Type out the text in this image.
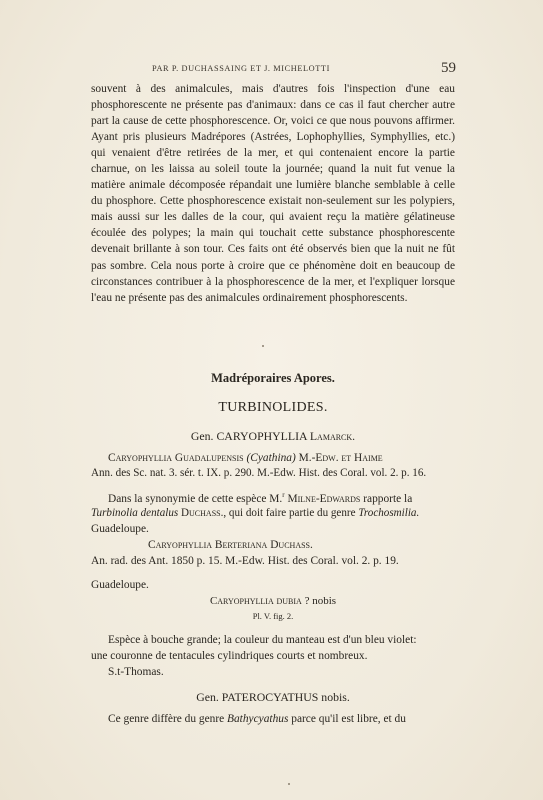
PAR P. DUCHASSAING ET J. MICHELOTTI	59

souvent à des animalcules, mais d'autres fois l'inspection d'une eau phosphorescente ne présente pas d'animaux: dans ce cas il faut chercher autre part la cause de cette phosphorescence. Or, voici ce que nous pouvons affirmer. Ayant pris plusieurs Madrépores (Astrées, Lophophyllies, Symphyllies, etc.) qui venaient d'être retirées de la mer, et qui contenaient encore la partie charnue, on les laissa au soleil toute la journée; quand la nuit fut venue la matière animale décomposée répandait une lumière blanche semblable à celle du phosphore. Cette phosphorescence existait non-seulement sur les polypiers, mais aussi sur les dalles de la cour, qui avaient reçu la matière gélatineuse écoulée des polypes; la main qui touchait cette substance phosphorescente devenait brillante à son tour. Ces faits ont été observés bien que la nuit ne fût pas sombre. Cela nous porte à croire que ce phénomène doit en beaucoup de circonstances contribuer à la phosphorescence de la mer, et l'expliquer lorsque l'eau ne présente pas des animalcules ordinairement phosphorescents.

Madréporaires Apores.
TURBINOLIDES.
Gen. CARYOPHYLLIA Lamarck.
Caryophyllia Guadalupensis (Cyathina) M.-Edw. et Haime
Ann. des Sc. nat. 3. sér. t. IX. p. 290. M.-Edw. Hist. des Coral. vol. 2. p. 16.
Dans la synonymie de cette espèce M.$^r$ Milne-Edwards rapporte la
Turbinolia dentalus Duchass., qui doit faire partie du genre Trochosmilia.
Guadeloupe.
Caryophyllia Berteriana Duchass.
An. rad. des Ant. 1850 p. 15. M.-Edw. Hist. des Coral. vol. 2. p. 19.
Guadeloupe.
Caryophyllia dubia ? nobis
Pl. V. fig. 2.
Espèce à bouche grande; la couleur du manteau est d'un bleu violet:
une couronne de tentacules cylindriques courts et nombreux.
S.t-Thomas.
Gen. PATEROCYATHUS nobis.
Ce genre diffère du genre Bathycyathus parce qu'il est libre, et du
